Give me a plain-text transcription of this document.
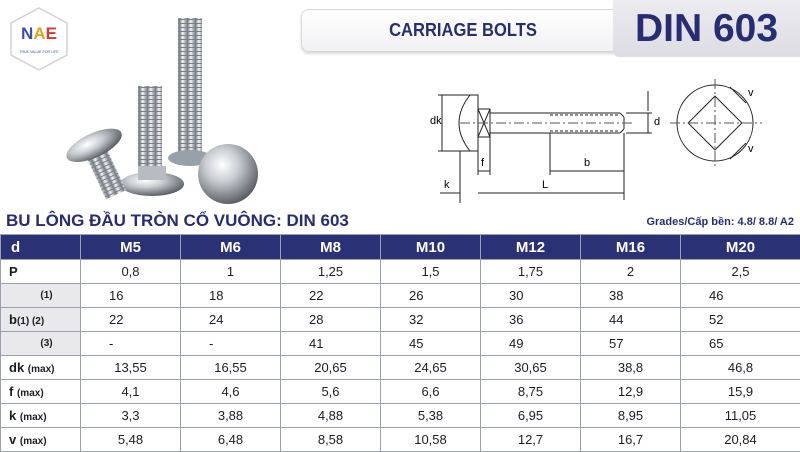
NAE
TRUE VALUE FOR LIFE
CARRIAGE BOLTS	DIN 603
dk	d
f	b
k	L
v
v
BU LÔNG ĐẦU TRÒN CỔ VUÔNG: DIN 603	Grades/Cấp bền: 4.8/ 8.8/ A2
d	M5	M6	M8	M10	M12	M16	M20
P	0,8	1	1,25	1,5	1,75	2	2,5
(1)	16	18	22	26	30	38	46
b(1) (2)	22	24	28	32	36	44	52
(3)	-	-	41	45	49	57	65
dk (max)	13,55	16,55	20,65	24,65	30,65	38,8	46,8
f (max)	4,1	4,6	5,6	6,6	8,75	12,9	15,9
k (max)	3,3	3,88	4,88	5,38	6,95	8,95	11,05
v (max)	5,48	6,48	8,58	10,58	12,7	16,7	20,84
